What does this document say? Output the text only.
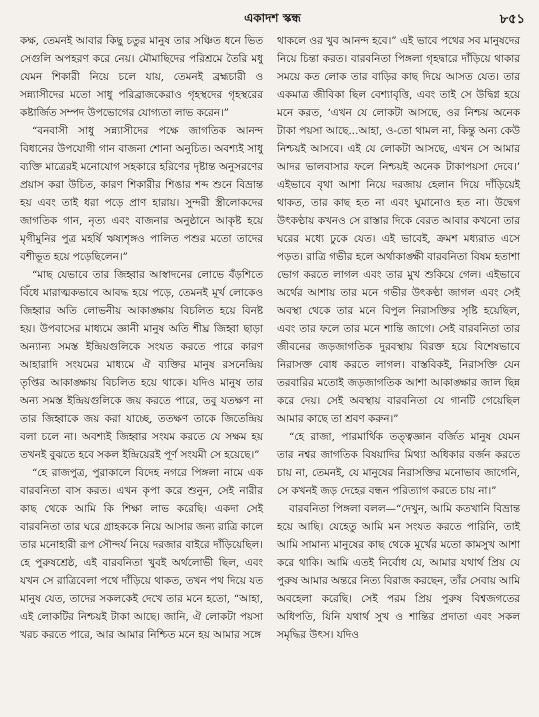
একাদশ স্কন্ধ	৮৫১

কক্ষ, তেমনই আবার কিছু চতুর মানুষ তার সঞ্চিত ধনে ভিত সেগুলি অপহরণ করে নেয়। মৌমাছিদের পরিশ্রমে তৈরি মধু যেমন শিকারী নিয়ে চলে যায়, তেমনই ব্রহ্মচারী ও সন্ন্যাসীদের মতো সাধু পরিব্রাজকেরাও গৃহস্থদের গৃহস্থরের কষ্টার্জিত সম্পদ উপভোগের যোগ্যতা লাভ করেন।”

“বনবাসী সাধু সন্ন্যাসীদের পক্ষে জাগতিক আনন্দ বিধানের উপযোগী গান বাজনা শোনা অনুচিত। অবশ্যই সাধু ব্যক্তি মাত্রেরই মনোযোগ সহকারে হরিণের দৃষ্টান্ত অনুসরণের প্রয়াস করা উচিত, কারণ শিকারীর শিঙার শব্দ শুনে বিভ্রান্ত হয় এবং তাই ধরা পড়ে প্রাণ হারায়। সুন্দরী স্ত্রীলোকদের জাগতিক গান, নৃত্য এবং বাজনার অনুষ্ঠানে আকৃষ্ট হয়ে মৃগীমুনির পুত্র মহর্ষি ঋষ্যশৃঙ্গও পালিত পশুর মতো তাদের বশীভূত হয়ে পড়েছিলেন।”

“মাছ যেভাবে তার জিহ্বার আস্বাদনের লোভে বঁড়শিতে বিঁধে মারাত্মকভাবে আবদ্ধ হয়ে পড়ে, তেমনই মূর্খ লোকেও জিহ্বার অতি লোভনীয় আকাঙ্ক্ষায় বিচলিত হয়ে বিনষ্ট হয়। উপবাসের মাধ্যমে জ্ঞানী মানুষ অতি শীঘ্র জিহ্বা ছাড়া অন্যান্য সমস্ত ইন্দ্রিয়গুলিকে সংযত করতে পারে কারণ আহারাদি সংযমের মাধ্যমে ঐ ব্যক্তির মানুষ রসনেন্দ্রিয় তৃপ্তির আকাঙ্ক্ষায় বিচলিত হয়ে থাকে। যদিও মানুষ তার অন্য সমস্ত ইন্দ্রিয়গুলিকে জয় করতে পারে, তবু যতক্ষণ না তার জিহ্বাকে জয় করা যাচ্ছে, ততক্ষণ তাকে জিতেন্দ্রিয় বলা চলে না। অবশ্যই জিহ্বার সংযম করতে যে সক্ষম হয় তখনই বুঝতে হবে সকল ইন্দ্রিয়েরই পূর্ণ সংযমী সে হয়েছে।”

“হে রাজপুত্র, পুরাকালে বিদেহ নগরে পিঙ্গলা নামে এক বারবনিতা বাস করত। এখন কৃপা করে শুনুন, সেই নারীর কাছ থেকে আমি কি শিক্ষা লাভ করেছি। একদা সেই বারবনিতা তার ঘরে গ্রাহককে নিয়ে আসার জন্য রাত্রি কালে তার মনোহারী রূপ সৌন্দর্য নিয়ে দরজার বাইরে দাঁড়িয়েছিল। হে পুরুষশ্রেষ্ঠ, এই বারবনিতা খুবই অর্থলোভী ছিল, এবং যখন সে রাত্রিবেলা পথে দাঁড়িয়ে থাকত, তখন পথ দিয়ে যত মানুষ যেত, তাদের সকলকেই দেখে তার মনে হতো, “আহা, এই লোকটির নিশ্চয়ই টাকা আছে। জানি, ঐ লোকটা পয়সা খরচ করতে পারে, আর আমার নিশ্চিত মনে হয় আমার সঙ্গে

থাকলে ওর খুব আনন্দ হবে।” এই ভাবে পথের সব মানুষদের নিয়ে চিন্তা করত। বারবনিতা পিঙ্গলা গৃহদ্বারে দাঁড়িয়ে থাকার সময়ে কত লোক তার বাড়ির কাছ দিয়ে আসত যেত। তার একমাত্র জীবিকা ছিল বেশ্যাবৃত্তি, এবং তাই সে উদ্বিগ্ন হয়ে মনে করত, ‘এখন যে লোকটা আসছে, ওর নিশ্চয় অনেক টাকা পয়সা আছে...আহা, ও-তো থামল না, কিন্তু অন্য কেউ নিশ্চয়ই আসবে। এই যে লোকটা আসছে, এখন সে আমার আদর ভালবাসার ফলে নিশ্চয়ই অনেক টাকাপয়সা দেবে।’ এইভাবে বৃথা আশা নিয়ে দরজায় হেলান দিয়ে দাঁড়িয়েই থাকত, তার কাছ হত না এবং ঘুমানোও হত না। উদ্বেগ উৎকণ্ঠায় কখনও সে রাস্তার দিকে বেরত আবার কখনো তার ঘরের মধ্যে ঢুকে যেত। এই ভাবেই, ক্রমশ মধ্যরাত এসে পড়ত। রাত্রি গভীর হলে অর্থাকাঙ্ক্ষী বারবনিতা বিষম হতাশা ভোগ করতে লাগল এবং তার মুখ শুকিয়ে গেল। এইভাবে অর্থের আশায় তার মনে গভীর উৎকণ্ঠা জাগল এবং সেই অবস্থা থেকে তার মনে বিপুল নিরাসক্তির সৃষ্টি হয়েছিল, এবং তার ফলে তার মনে শান্তি জাগে। সেই বারবনিতা তার জীবনের জড়জাগতিক দুরবস্থায় বিরক্ত হয়ে বিশেষভাবে নিরাসক্ত বোধ করতে লাগল। বাস্তবিকই, নিরাসক্তি যেন তরবারির মতোই জড়জাগতিক আশা আকাঙ্ক্ষার জাল ছিন্ন করে দেয়। সেই অবস্থায় বারবনিতা যে গানটি গেয়েছিল আমার কাছে তা শ্রবণ করুন।”

“হে রাজা, পারমার্থিক তত্ত্বজ্ঞান বর্জিত মানুষ যেমন তার নশ্বর জাগতিক বিষয়াদির মিথ্যা অধিকার বর্জন করতে চায় না, তেমনই, যে মানুষের নিরাসক্তির মনোভাব জাগেনি, সে কখনই জড় দেহের বন্ধন পরিত্যাগ করতে চায় না।”

বারবনিতা পিঙ্গলা বলল—“দেখুন, আমি কতখানি বিভ্রান্ত হয়ে আছি। যেহেতু আমি মন সংযত করতে পারিনি, তাই আমি সামান্য মানুষের কাছ থেকে মূর্খের মতো কামসুখ আশা করে থাকি। আমি এতই নির্বোধ যে, আমার যথার্থ প্রিয় যে পুরুষ আমার অন্তরে নিত্য বিরাজ করছেন, তাঁর সেবায় আমি অবহেলা করেছি। সেই পরম প্রিয় পুরুষ বিশ্বজগতের অধিপতি, যিনি যথার্থ সুখ ও শান্তির প্রদাতা এবং সকল সমৃদ্ধির উৎস। যদিও
